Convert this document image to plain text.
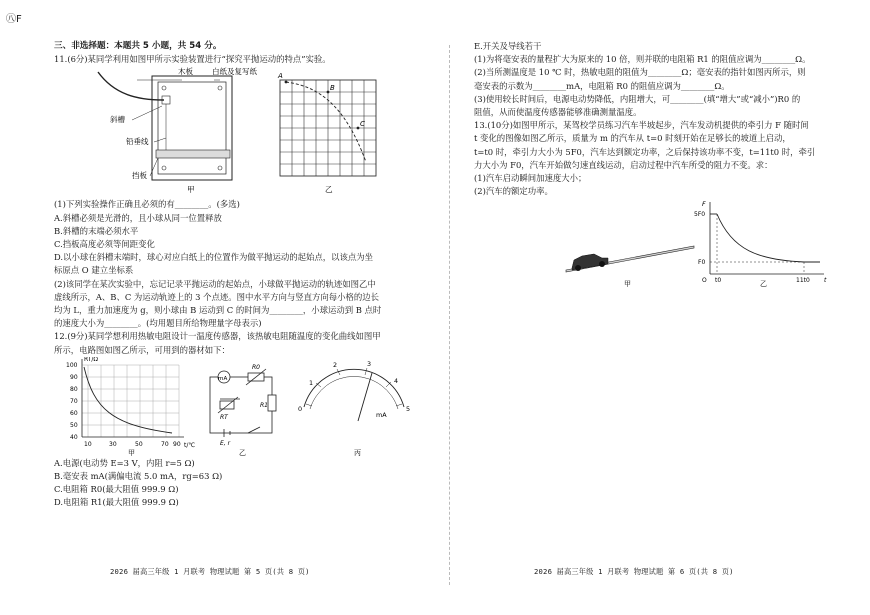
㊇F
三、非选择题：本题共 5 小题，共 54 分。
11.(6分)某同学利用如图甲所示实验装置进行“探究平抛运动的特点”实验。
木板	白纸及复写纸
斜槽
铅垂线
挡板
A
B
C
甲	乙
(1)下列实验操作正确且必须的有________。(多选)
A.斜槽必须是光滑的，且小球从同一位置释放
B.斜槽的末端必须水平
C.挡板高度必须等间距变化
D.以小球在斜槽末端时，球心对应白纸上的位置作为做平抛运动的起始点，以该点为坐
标原点 O 建立坐标系
(2)该同学在某次实验中，忘记记录平抛运动的起始点，小球做平抛运动的轨迹如图乙中
虚线所示，A、B、C 为运动轨迹上的 3 个点迹。图中水平方向与竖直方向每小格的边长
均为 L，重力加速度为 g，则小球由 B 运动到 C 的时间为________，小球运动到 B 点时
的速度大小为________。(均用题目所给物理量字母表示)
12.(9分)某同学想利用热敏电阻设计一温度传感器，该热敏电阻随温度的变化曲线如图甲
所示，电路图如图乙所示，可用到的器材如下：
RT/Ω
t/℃
100
90
80
70
60
50
40
10	30	50	70 90
甲
mA
R0
R1
RT
E, r
乙
0
1
2	3
4
5
mA
丙
A.电源(电动势 E=3 V，内阻 r=5 Ω)
B.毫安表 mA(满偏电流 5.0 mA，rg=63 Ω)
C.电阻箱 R0(最大阻值 999.9 Ω)
D.电阻箱 R1(最大阻值 999.9 Ω)
E.开关及导线若干
(1)为将毫安表的量程扩大为原来的 10 倍，则并联的电阻箱 R1 的阻值应调为________Ω。
(2)当所测温度是 10 ℃ 时，热敏电阻的阻值为________Ω；毫安表的指针如图丙所示，则
毫安表的示数为________mA，电阻箱 R0 的阻值应调为________Ω。
(3)使用较长时间后，电源电动势降低，内阻增大，可________(填“增大”或“减小”)R0 的
阻值，从而使温度传感器能够准确测量温度。
13.(10分)如图甲所示，某驾校学员练习汽车半坡起步，汽车发动机提供的牵引力 F 随时间
t 变化的图像如图乙所示，质量为 m 的汽车从 t=0 时刻开始在足够长的坡道上启动，
t=t0 时，牵引力大小为 5F0，汽车达到额定功率，之后保持该功率不变，t=11t0 时，牵引
力大小为 F0，汽车开始做匀速直线运动，启动过程中汽车所受的阻力不变。求：
(1)汽车启动瞬间加速度大小；
(2)汽车的额定功率。
甲
F
5F0
F0
O t0	11t0 t
乙
2026 届高三年级 1 月联考 物理试题 第 5 页(共 8 页)	2026 届高三年级 1 月联考 物理试题 第 6 页(共 8 页)
